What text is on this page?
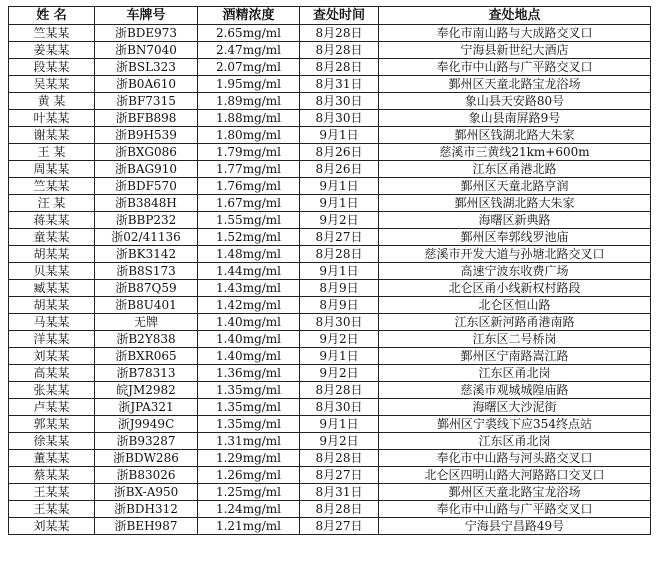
姓 名	车牌号	酒精浓度	查处时间	查处地点
竺某某	浙BDE973	2.65mg/ml	8月28日	奉化市南山路与大成路交叉口
姜某某	浙BN7040	2.47mg/ml	8月28日	宁海县新世纪大酒店
段某某	浙BSL323	2.07mg/ml	8月28日	奉化市中山路与广平路交叉口
吴某某	浙B0A610	1.95mg/ml	8月31日	鄞州区天童北路宝龙浴场
黄 某	浙BF7315	1.89mg/ml	8月30日	象山县天安路80号
叶某某	浙BFB898	1.88mg/ml	8月30日	象山县南屏路9号
谢某某	浙B9H539	1.80mg/ml	9月1日	鄞州区钱湖北路大朱家
王 某	浙BXG086	1.79mg/ml	8月26日	慈溪市三黄线21km+600m
周某某	浙BAG910	1.77mg/ml	8月26日	江东区甬港北路
竺某某	浙BDF570	1.76mg/ml	9月1日	鄞州区天童北路亨润
汪 某	浙B3848H	1.67mg/ml	9月1日	鄞州区钱湖北路大朱家
蒋某某	浙BBP232	1.55mg/ml	9月2日	海曙区新典路
童某某	浙02/41136	1.52mg/ml	8月27日	鄞州区奉郭线罗池庙
胡某某	浙BK3142	1.48mg/ml	8月28日	慈溪市开发大道与孙塘北路交叉口
贝某某	浙B8S173	1.44mg/ml	9月1日	高速宁波东收费广场
臧某某	浙B87Q59	1.43mg/ml	8月9日	北仑区甬小线新权村路段
胡某某	浙B8U401	1.42mg/ml	8月9日	北仑区恒山路
马某某	无牌	1.40mg/ml	8月30日	江东区新河路甬港南路
洋某某	浙B2Y838	1.40mg/ml	9月2日	江东区二号桥岗
刘某某	浙BXR065	1.40mg/ml	9月1日	鄞州区宁南路嵩江路
高某某	浙B78313	1.36mg/ml	9月2日	江东区甬北岗
张某某	皖JM2982	1.35mg/ml	8月28日	慈溪市观城城隍庙路
卢某某	浙JPA321	1.35mg/ml	8月30日	海曙区大沙泥街
郭某某	浙J9949C	1.35mg/ml	9月1日	鄞州区宁裘线下应354终点站
徐某某	浙B93287	1.31mg/ml	9月2日	江东区甬北岗
董某某	浙BDW286	1.29mg/ml	8月28日	奉化市中山路与河头路交叉口
蔡某某	浙B83026	1.26mg/ml	8月27日	北仑区四明山路大河路路口交叉口
王某某	浙BX-A950	1.25mg/ml	8月31日	鄞州区天童北路宝龙浴场
王某某	浙BDH312	1.24mg/ml	8月28日	奉化市中山路与广平路交叉口
刘某某	浙BEH987	1.21mg/ml	8月27日	宁海县宁昌路49号
